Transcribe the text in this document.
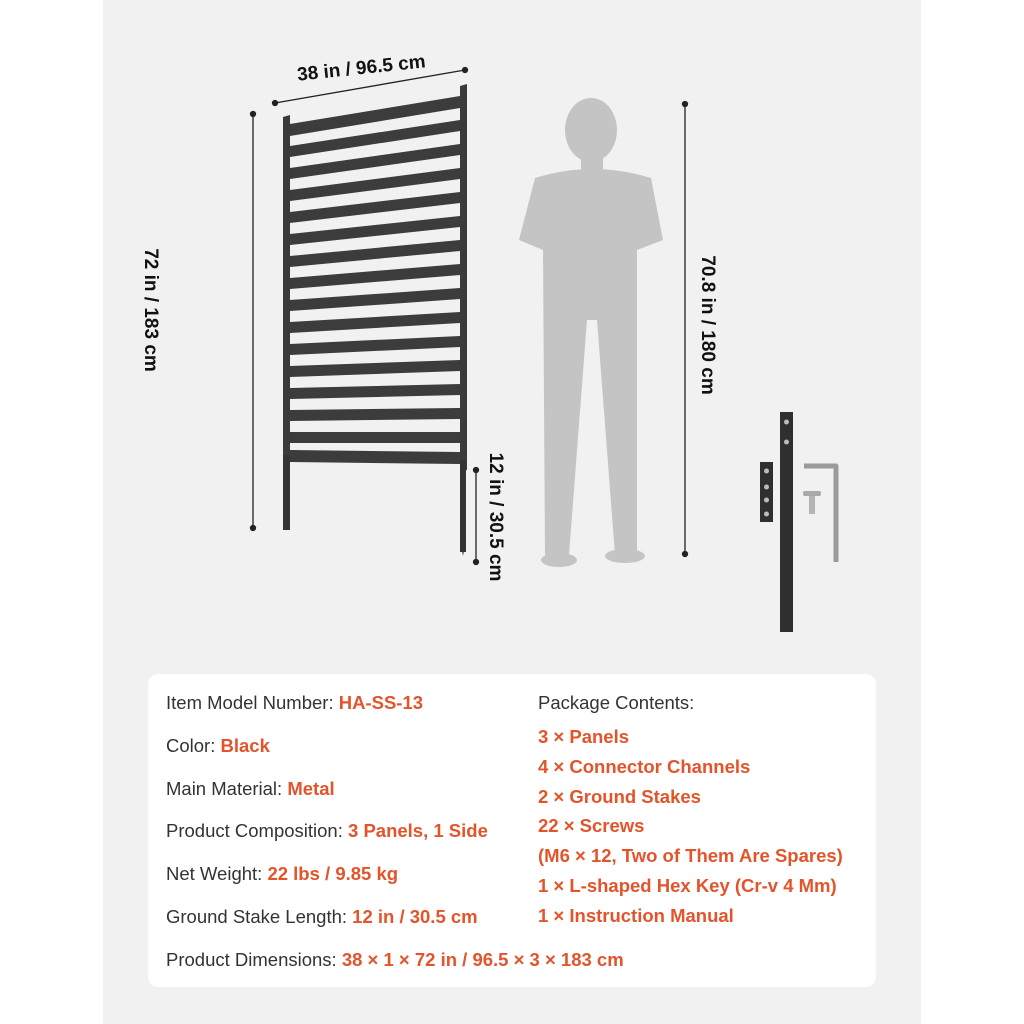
38 in / 96.5 cm
72 in / 183 cm
12 in / 30.5 cm
70.8 in / 180 cm
Item Model Number: HA-SS-13
Color: Black
Main Material: Metal
Product Composition: 3 Panels, 1 Side
Net Weight: 22 lbs / 9.85 kg
Ground Stake Length: 12 in / 30.5 cm
Product Dimensions: 38 × 1 × 72 in / 96.5 × 3 × 183 cm
Package Contents:
3 × Panels
4 × Connector Channels
2 × Ground Stakes
22 × Screws
(M6 × 12, Two of Them Are Spares)
1 × L-shaped Hex Key (Cr-v 4 Mm)
1 × Instruction Manual
